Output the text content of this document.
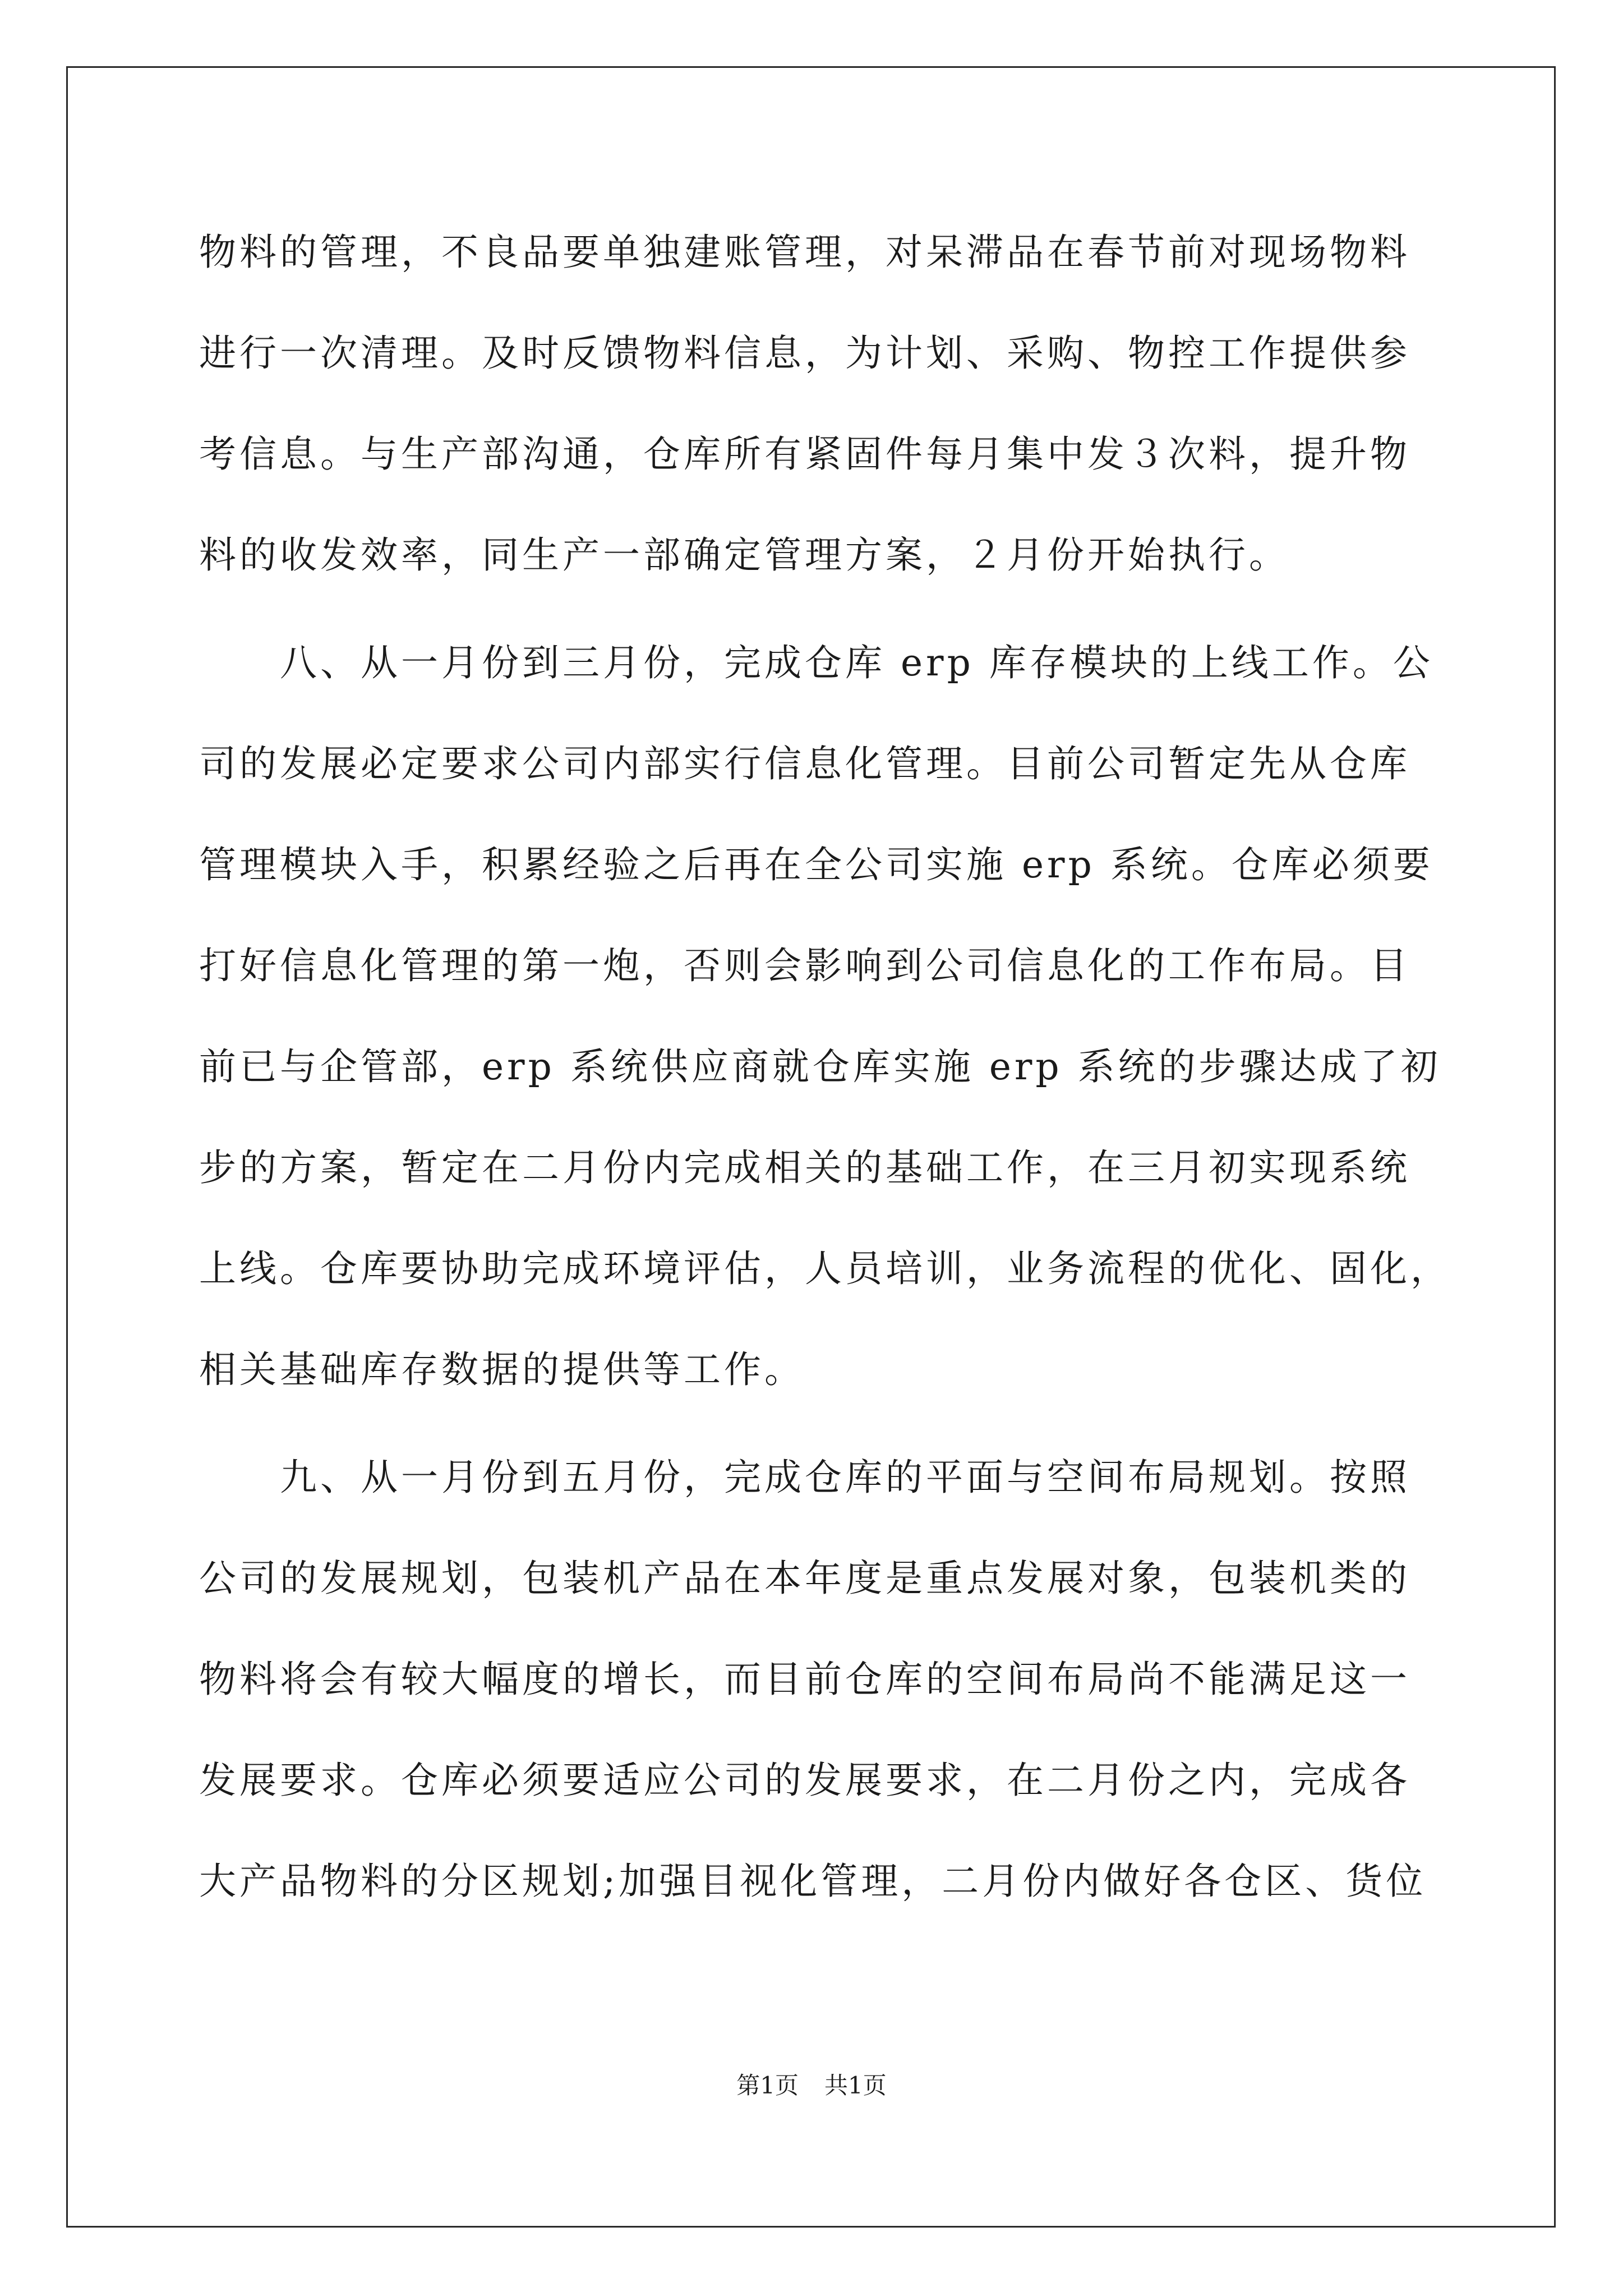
物料的管理，不良品要单独建账管理，对呆滞品在春节前对现场物料
进行一次清理。及时反馈物料信息，为计划、采购、物控工作提供参
考信息。与生产部沟通，仓库所有紧固件每月集中发３次料，提升物
料的收发效率，同生产一部确定管理方案，２月份开始执行。
　　八、从一月份到三月份，完成仓库 erp 库存模块的上线工作。公
司的发展必定要求公司内部实行信息化管理。目前公司暂定先从仓库
管理模块入手，积累经验之后再在全公司实施 erp 系统。仓库必须要
打好信息化管理的第一炮，否则会影响到公司信息化的工作布局。目
前已与企管部，erp 系统供应商就仓库实施 erp 系统的步骤达成了初
步的方案，暂定在二月份内完成相关的基础工作，在三月初实现系统
上线。仓库要协助完成环境评估，人员培训，业务流程的优化、固化，
相关基础库存数据的提供等工作。
　　九、从一月份到五月份，完成仓库的平面与空间布局规划。按照
公司的发展规划，包装机产品在本年度是重点发展对象，包装机类的
物料将会有较大幅度的增长，而目前仓库的空间布局尚不能满足这一
发展要求。仓库必须要适应公司的发展要求，在二月份之内，完成各
大产品物料的分区规划;加强目视化管理，二月份内做好各仓区、货位
第1页 共1页
